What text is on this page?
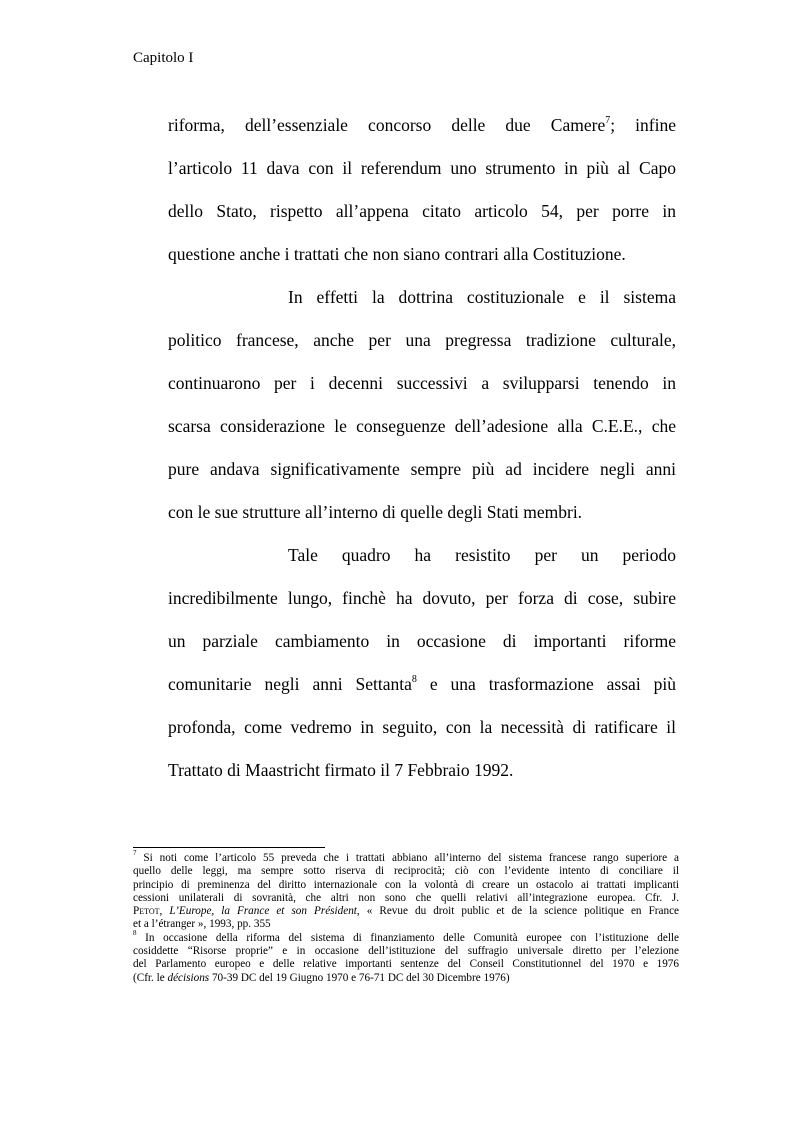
Capitolo I
riforma, dell’essenziale concorso delle due Camere$^7$; infine
l’articolo 11 dava con il referendum uno strumento in più al Capo
dello Stato, rispetto all’appena citato articolo 54, per porre in
questione anche i trattati che non siano contrari alla Costituzione.
In effetti la dottrina costituzionale e il sistema
politico francese, anche per una pregressa tradizione culturale,
continuarono per i decenni successivi a svilupparsi tenendo in
scarsa considerazione le conseguenze dell’adesione alla C.E.E., che
pure andava significativamente sempre più ad incidere negli anni
con le sue strutture all’interno di quelle degli Stati membri.
Tale quadro ha resistito per un periodo
incredibilmente lungo, finchè ha dovuto, per forza di cose, subire
un parziale cambiamento in occasione di importanti riforme
comunitarie negli anni Settanta$^8$ e una trasformazione assai più
profonda, come vedremo in seguito, con la necessità di ratificare il
Trattato di Maastricht firmato il 7 Febbraio 1992.
$^7$ Si noti come l’articolo 55 preveda che i trattati abbiano all’interno del sistema francese rango superiore a
quello delle leggi, ma sempre sotto riserva di reciprocità; ciò con l’evidente intento di conciliare il
principio di preminenza del diritto internazionale con la volontà di creare un ostacolo ai trattati implicanti
cessioni unilaterali di sovranità, che altri non sono che quelli relativi all’integrazione europea. Cfr. J.
Petot, L’Europe, la France et son Président, « Revue du droit public et de la science politique en France
et a l’étranger », 1993, pp. 355
$^8$ In occasione della riforma del sistema di finanziamento delle Comunità europee con l’istituzione delle
cosiddette “Risorse proprie” e in occasione dell’istituzione del suffragio universale diretto per l’elezione
del Parlamento europeo e delle relative importanti sentenze del Conseil Constitutionnel del 1970 e 1976
(Cfr. le décisions 70-39 DC del 19 Giugno 1970 e 76-71 DC del 30 Dicembre 1976)
